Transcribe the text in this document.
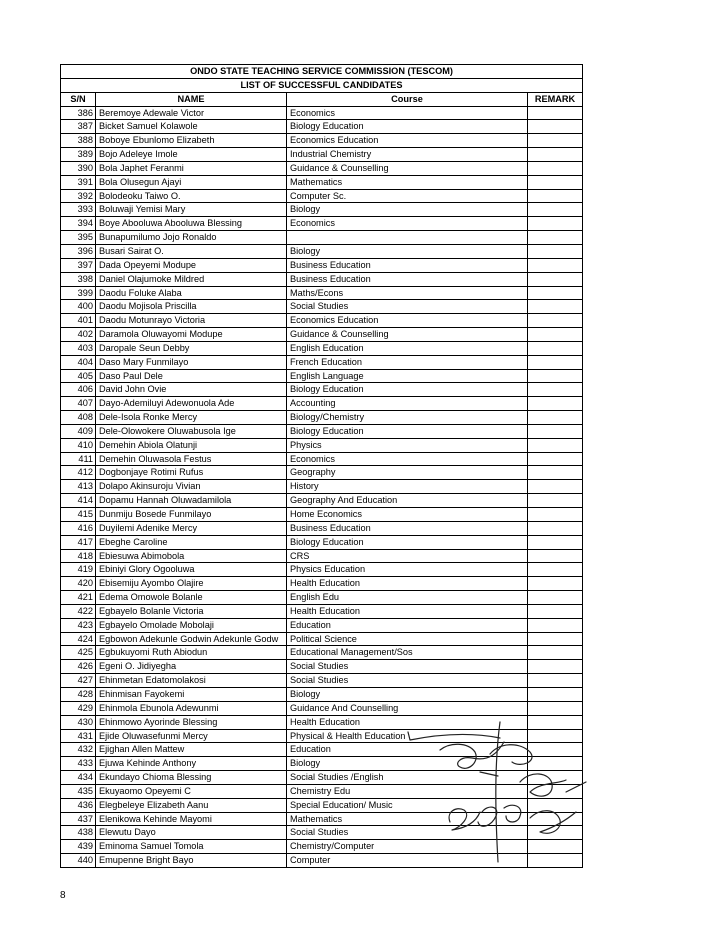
ONDO STATE TEACHING SERVICE COMMISSION (TESCOM)			
LIST OF SUCCESSFUL CANDIDATES			
S/N	NAME	Course	REMARK
386	Beremoye Adewale Victor	Economics	
387	Bicket Samuel Kolawole	Biology Education	
388	Boboye Ebunlomo Elizabeth	Economics Education	
389	Bojo Adeleye Imole	Industrial Chemistry	
390	Bola Japhet Feranmi	Guidance & Counselling	
391	Bola Olusegun Ajayi	Mathematics	
392	Bolodeoku Taiwo O.	Computer Sc.	
393	Boluwaji Yemisi Mary	Biology	
394	Boye Abooluwa Abooluwa Blessing	Economics	
395	Bunapumilumo Jojo Ronaldo		
396	Busari Sairat O.	Biology	
397	Dada Opeyemi Modupe	Business Education	
398	Daniel Olajumoke Mildred	Business Education	
399	Daodu Foluke Alaba	Maths/Econs	
400	Daodu Mojisola Priscilla	Social Studies	
401	Daodu Motunrayo Victoria	Economics Education	
402	Daramola Oluwayomi Modupe	Guidance & Counselling	
403	Daropale Seun Debby	English Education	
404	Daso Mary Funmilayo	French Education	
405	Daso Paul Dele	English Language	
406	David John Ovie	Biology Education	
407	Dayo-Ademiluyi Adewonuola Ade	Accounting	
408	Dele-Isola Ronke Mercy	Biology/Chemistry	
409	Dele-Olowokere Oluwabusola Ige	Biology Education	
410	Demehin Abiola Olatunji	Physics	
411	Demehin Oluwasola Festus	Economics	
412	Dogbonjaye Rotimi Rufus	Geography	
413	Dolapo Akinsuroju Vivian	History	
414	Dopamu Hannah Oluwadamilola	Geography And Education	
415	Dunmiju Bosede Funmilayo	Home Economics	
416	Duyilemi Adenike Mercy	Business Education	
417	Ebeghe Caroline	Biology Education	
418	Ebiesuwa Abimobola	CRS	
419	Ebiniyi Glory Ogooluwa	Physics Education	
420	Ebisemiju Ayombo Olajire	Health Education	
421	Edema Omowole Bolanle	English Edu	
422	Egbayelo Bolanle Victoria	Health Education	
423	Egbayelo Omolade Mobolaji	Education	
424	Egbowon Adekunle Godwin Adekunle Godw	Political Science	
425	Egbukuyomi Ruth Abiodun	Educational Management/Sos	
426	Egeni O. Jidiyegha	Social Studies	
427	Ehinmetan Edatomolakosi	Social Studies	
428	Ehinmisan Fayokemi	Biology	
429	Ehinmola Ebunola Adewunmi	Guidance And Counselling	
430	Ehinmowo Ayorinde Blessing	Health Education	
431	Ejide Oluwasefunmi Mercy	Physical & Health Education	
432	Ejighan Allen Mattew	Education	
433	Ejuwa Kehinde Anthony	Biology	
434	Ekundayo Chioma Blessing	Social Studies /English	
435	Ekuyaomo Opeyemi C	Chemistry Edu	
436	Elegbeleye Elizabeth Aanu	Special Education/ Music	
437	Elenikowa Kehinde Mayomi	Mathematics	
438	Elewutu Dayo	Social Studies	
439	Eminoma Samuel Tomola	Chemistry/Computer	
440	Emupenne Bright Bayo	Computer	
8
